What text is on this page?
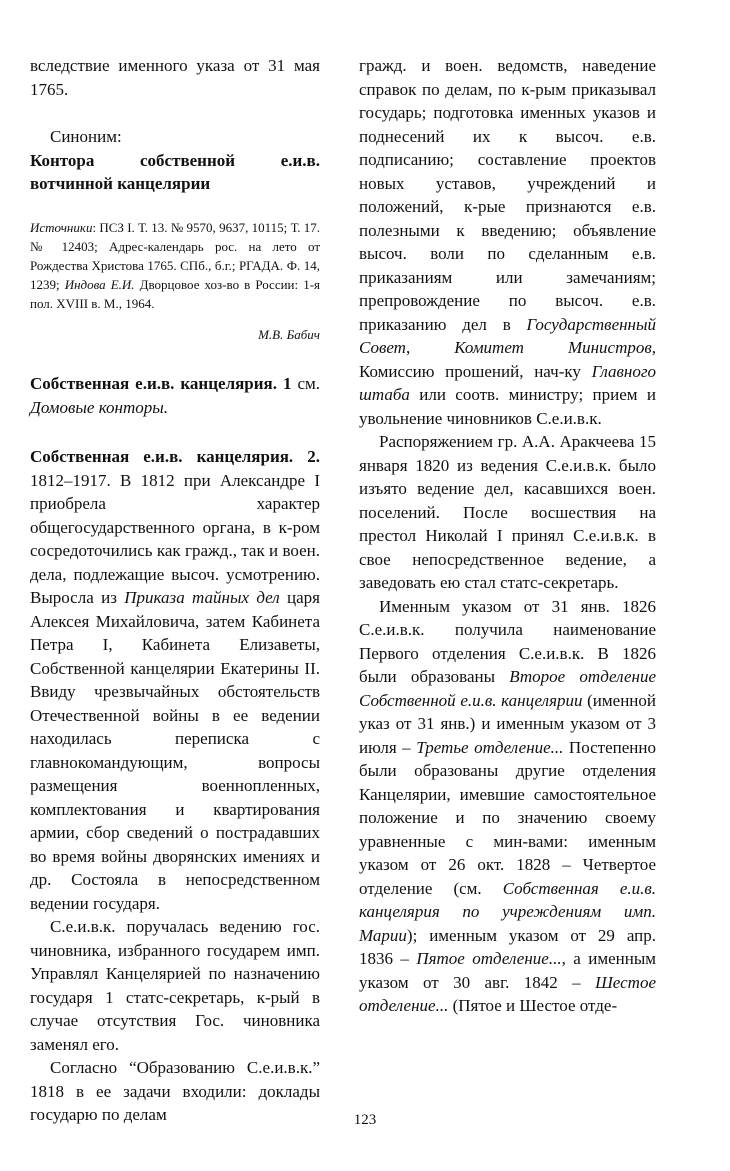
вследствие именного указа от 31 мая 1765.

Синоним:

Контора собственной е.и.в. вотчинной канцелярии

Источники: ПСЗ I. Т. 13. № 9570, 9637, 10115; Т. 17. № 12403; Адрес-календарь рос. на лето от Рождества Христова 1765. СПб., б.г.; РГАДА. Ф. 14, 1239; Индова Е.И. Дворцовое хоз-во в России: 1-я пол. XVIII в. М., 1964.

М.В. Бабич

Собственная е.и.в. канцелярия. 1 см. Домовые конторы.

Собственная е.и.в. канцелярия. 2. 1812–1917. В 1812 при Александре I приобрела характер общегосударственного органа, в к-ром сосредоточились как гражд., так и воен. дела, подлежащие высоч. усмотрению. Выросла из Приказа тайных дел царя Алексея Михайловича, затем Кабинета Петра I, Кабинета Елизаветы, Собственной канцелярии Екатерины II. Ввиду чрезвычайных обстоятельств Отечественной войны в ее ведении находилась переписка с главнокомандующим, вопросы размещения военнопленных, комплектования и квартирования армии, сбор сведений о пострадавших во время войны дворянских имениях и др. Состояла в непосредственном ведении государя.

С.е.и.в.к. поручалась ведению гос. чиновника, избранного государем имп. Управлял Канцелярией по назначению государя 1 статс-секретарь, к-рый в случае отсутствия Гос. чиновника заменял его.

Согласно “Образованию С.е.и.в.к.” 1818 в ее задачи входили: доклады государю по делам

гражд. и воен. ведомств, наведение справок по делам, по к-рым приказывал государь; подготовка именных указов и поднесений их к высоч. е.в. подписанию; составление проектов новых уставов, учреждений и положений, к-рые признаются е.в. полезными к введению; объявление высоч. воли по сделанным е.в. приказаниям или замечаниям; препровождение по высоч. е.в. приказанию дел в Государственный Совет, Комитет Министров, Комиссию прошений, нач-ку Главного штаба или соотв. министру; прием и увольнение чиновников С.е.и.в.к.

Распоряжением гр. А.А. Аракчеева 15 января 1820 из ведения С.е.и.в.к. было изъято ведение дел, касавшихся воен. поселений. После восшествия на престол Николай I принял С.е.и.в.к. в свое непосредственное ведение, а заведовать ею стал статс-секретарь.

Именным указом от 31 янв. 1826 С.е.и.в.к. получила наименование Первого отделения С.е.и.в.к. В 1826 были образованы Второе отделение Собственной е.и.в. канцелярии (именной указ от 31 янв.) и именным указом от 3 июля – Третье отделение... Постепенно были образованы другие отделения Канцелярии, имевшие самостоятельное положение и по значению своему уравненные с мин-вами: именным указом от 26 окт. 1828 – Четвертое отделение (см. Собственная е.и.в. канцелярия по учреждениям имп. Марии); именным указом от 29 апр. 1836 – Пятое отделение..., а именным указом от 30 авг. 1842 – Шестое отделение... (Пятое и Шестое отде-

123
